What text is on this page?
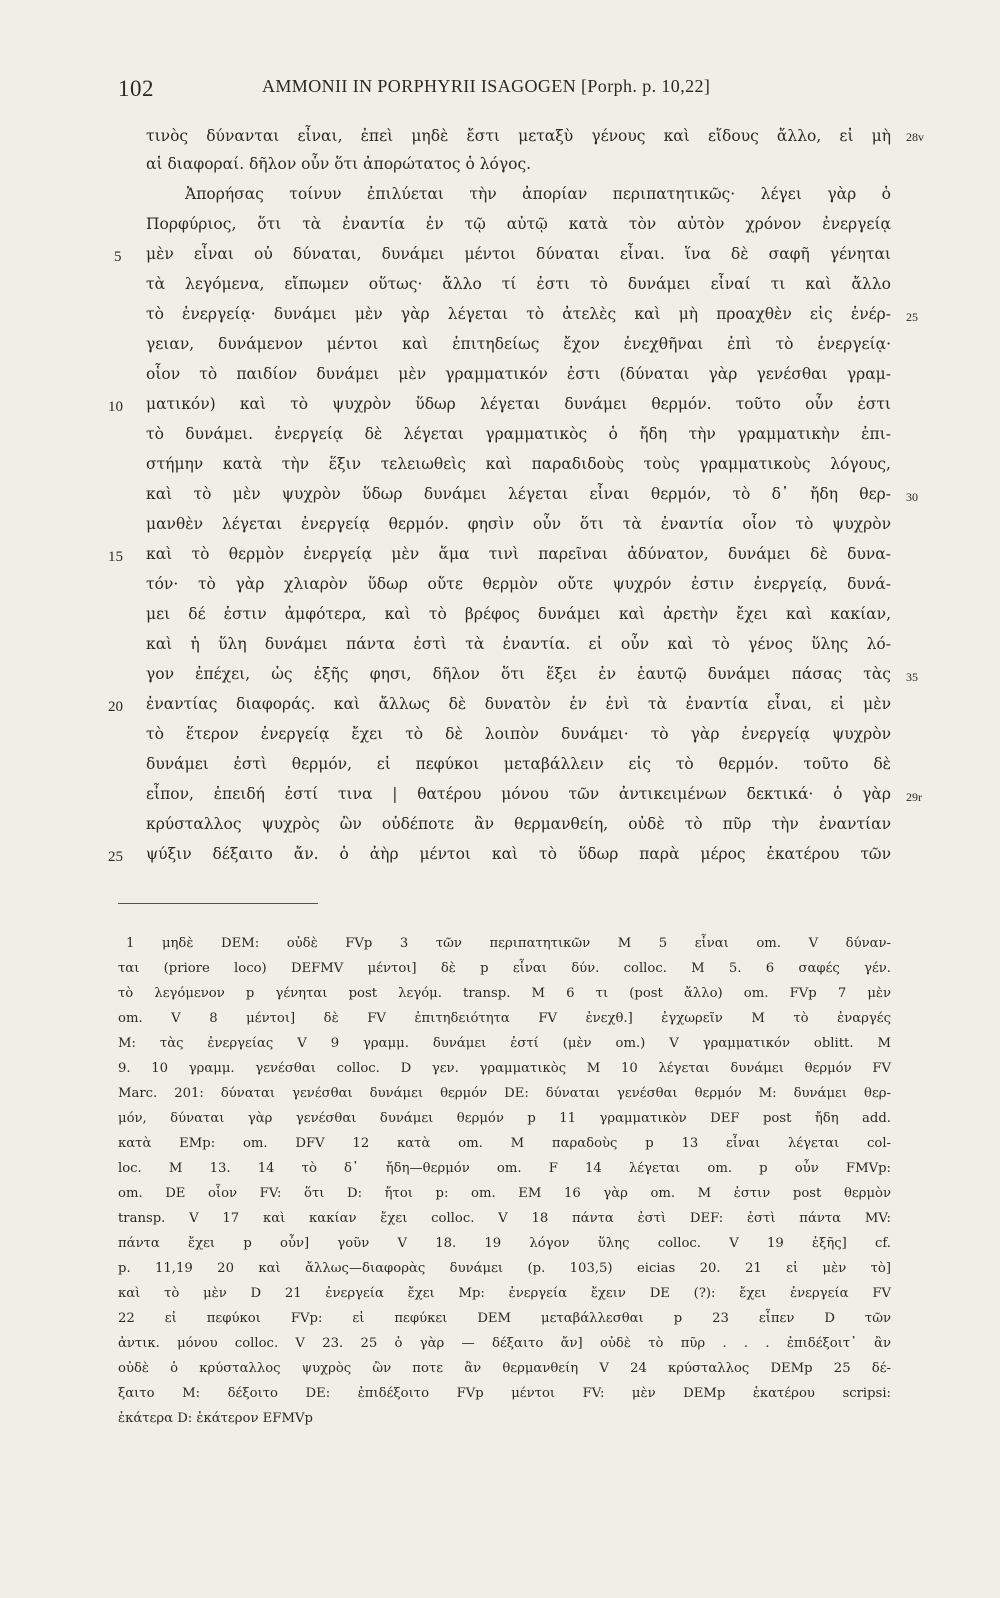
102	AMMONII IN PORPHYRII ISAGOGEN [Porph. p. 10,22]
τινὸς δύνανται εἶναι, ἐπεὶ μηδὲ ἔστι μεταξὺ γένους καὶ εἴδους ἄλλο, εἰ μὴ
αἱ διαφοραί. δῆλον οὖν ὅτι ἀπορώτατος ὁ λόγος.
Ἀπορήσας τοίνυν ἐπιλύεται τὴν ἀπορίαν περιπατητικῶς· λέγει γὰρ ὁ
Πορφύριος, ὅτι τὰ ἐναντία ἐν τῷ αὐτῷ κατὰ τὸν αὐτὸν χρόνον ἐνεργείᾳ
μὲν εἶναι οὐ δύναται, δυνάμει μέντοι δύναται εἶναι. ἵνα δὲ σαφῆ γένηται
τὰ λεγόμενα, εἴπωμεν οὕτως· ἄλλο τί ἐστι τὸ δυνάμει εἶναί τι καὶ ἄλλο
τὸ ἐνεργείᾳ· δυνάμει μὲν γὰρ λέγεται τὸ ἀτελὲς καὶ μὴ προαχθὲν εἰς ἐνέρ-
γειαν, δυνάμενον μέντοι καὶ ἐπιτηδείως ἔχον ἐνεχθῆναι ἐπὶ τὸ ἐνεργείᾳ·
οἷον τὸ παιδίον δυνάμει μὲν γραμματικόν ἐστι (δύναται γὰρ γενέσθαι γραμ-
ματικόν) καὶ τὸ ψυχρὸν ὕδωρ λέγεται δυνάμει θερμόν. τοῦτο οὖν ἐστι
τὸ δυνάμει. ἐνεργείᾳ δὲ λέγεται γραμματικὸς ὁ ἤδη τὴν γραμματικὴν ἐπι-
στήμην κατὰ τὴν ἕξιν τελειωθεὶς καὶ παραδιδοὺς τοὺς γραμματικοὺς λόγους,
καὶ τὸ μὲν ψυχρὸν ὕδωρ δυνάμει λέγεται εἶναι θερμόν, τὸ δ᾽ ἤδη θερ-
μανθὲν λέγεται ἐνεργείᾳ θερμόν. φησὶν οὖν ὅτι τὰ ἐναντία οἷον τὸ ψυχρὸν
καὶ τὸ θερμὸν ἐνεργείᾳ μὲν ἅμα τινὶ παρεῖναι ἀδύνατον, δυνάμει δὲ δυνα-
τόν· τὸ γὰρ χλιαρὸν ὕδωρ οὔτε θερμὸν οὔτε ψυχρόν ἐστιν ἐνεργείᾳ, δυνά-
μει δέ ἐστιν ἀμφότερα, καὶ τὸ βρέφος δυνάμει καὶ ἀρετὴν ἔχει καὶ κακίαν,
καὶ ἡ ὕλη δυνάμει πάντα ἐστὶ τὰ ἐναντία. εἰ οὖν καὶ τὸ γένος ὕλης λό-
γον ἐπέχει, ὡς ἑξῆς φησι, δῆλον ὅτι ἕξει ἐν ἑαυτῷ δυνάμει πάσας τὰς
ἐναντίας διαφοράς. καὶ ἄλλως δὲ δυνατὸν ἐν ἑνὶ τὰ ἐναντία εἶναι, εἰ μὲν
τὸ ἕτερον ἐνεργείᾳ ἔχει τὸ δὲ λοιπὸν δυνάμει· τὸ γὰρ ἐνεργείᾳ ψυχρὸν
δυνάμει ἐστὶ θερμόν, εἰ πεφύκοι μεταβάλλειν εἰς τὸ θερμόν. τοῦτο δὲ
εἶπον, ἐπειδή ἐστί τινα | θατέρου μόνου τῶν ἀντικειμένων δεκτικά· ὁ γὰρ
κρύσταλλος ψυχρὸς ὢν οὐδέποτε ἂν θερμανθείη, οὐδὲ τὸ πῦρ τὴν ἐναντίαν
ψύξιν δέξαιτο ἄν. ὁ ἀὴρ μέντοι καὶ τὸ ὕδωρ παρὰ μέρος ἑκατέρου τῶν
5
10
15
20
25
28v
25
30
35
29r
1 μηδὲ DEM: οὐδὲ FVp 3 τῶν περιπατητικῶν M 5 εἶναι om. V δύναν-
ται (priore loco) DEFMV μέντοι] δὲ p εἶναι δύν. colloc. M 5. 6 σαφές γέν.
τὸ λεγόμενον p γένηται post λεγόμ. transp. M 6 τι (post ἄλλο) om. FVp 7 μὲν
om. V 8 μέντοι] δὲ FV ἐπιτηδειότητα FV ἐνεχθ.] ἐγχωρεῖν M τὸ ἐναργές
M: τὰς ἐνεργείας V 9 γραμμ. δυνάμει ἐστί (μὲν om.) V γραμματικόν oblitt. M
9. 10 γραμμ. γενέσθαι colloc. D γεν. γραμματικὸς M 10 λέγεται δυνάμει θερμόν FV
Marc. 201: δύναται γενέσθαι δυνάμει θερμόν DE: δύναται γενέσθαι θερμόν M: δυνάμει θερ-
μόν, δύναται γὰρ γενέσθαι δυνάμει θερμόν p 11 γραμματικὸν DEF post ἤδη add.
κατὰ EMp: om. DFV 12 κατὰ om. M παραδοὺς p 13 εἶναι λέγεται col-
loc. M 13. 14 τὸ δ᾽ ἤδη—θερμόν om. F 14 λέγεται om. p οὖν FMVp:
om. DE οἷον FV: ὅτι D: ἤτοι p: om. EM 16 γὰρ om. M ἐστιν post θερμὸν
transp. V 17 καὶ κακίαν ἔχει colloc. V 18 πάντα ἐστὶ DEF: ἐστὶ πάντα MV:
πάντα ἔχει p οὖν] γοῦν V 18. 19 λόγον ὕλης colloc. V 19 ἑξῆς] cf.
p. 11,19 20 καὶ ἄλλως—διαφορὰς δυνάμει (p. 103,5) eicias 20. 21 εἰ μὲν τὸ]
καὶ τὸ μὲν D 21 ἐνεργεία ἔχει Mp: ἐνεργεία ἔχειν DE (?): ἔχει ἐνεργεία FV
22 εἰ πεφύκοι FVp: εἰ πεφύκει DEM μεταβάλλεσθαι p 23 εἶπεν D τῶν
ἀντικ. μόνου colloc. V 23. 25 ὁ γὰρ — δέξαιτο ἄν] οὐδὲ τὸ πῦρ . . . ἐπιδέξοιτ᾽ ἂν
οὐδὲ ὁ κρύσταλλος ψυχρὸς ὢν ποτε ἂν θερμανθείη V 24 κρύσταλλος DEMp 25 δέ-
ξαιτο M: δέξοιτο DE: ἐπιδέξοιτο FVp μέντοι FV: μὲν DEMp ἑκατέρου scripsi:
ἑκάτερα D: ἑκάτερον EFMVp
